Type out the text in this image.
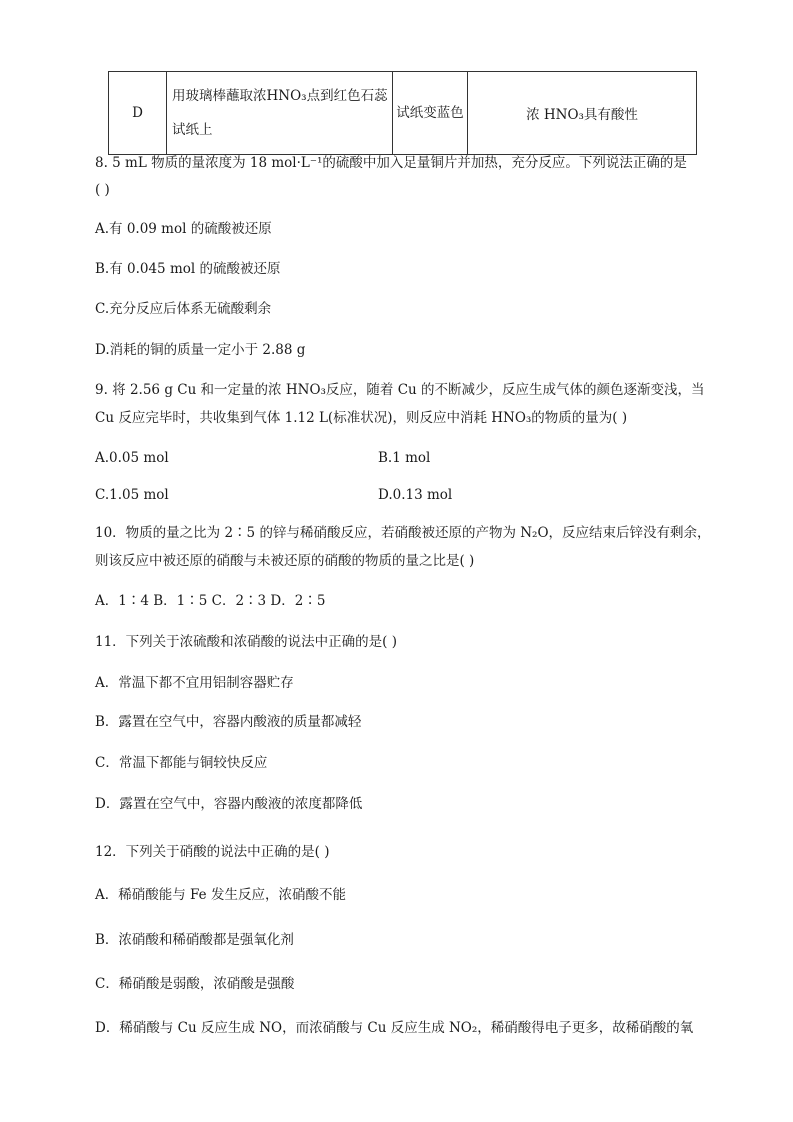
D	用玻璃棒蘸取浓HNO₃点到红色石蕊试纸上	试纸变蓝色	浓 HNO₃具有酸性
8. 5 mL 物质的量浓度为 18 mol·L⁻¹的硫酸中加入足量铜片并加热，充分反应。下列说法正确的是
( )
A.有 0.09 mol 的硫酸被还原
B.有 0.045 mol 的硫酸被还原
C.充分反应后体系无硫酸剩余
D.消耗的铜的质量一定小于 2.88 g
9. 将 2.56 g Cu 和一定量的浓 HNO₃反应，随着 Cu 的不断减少，反应生成气体的颜色逐渐变浅，当
Cu 反应完毕时，共收集到气体 1.12 L(标准状况)，则反应中消耗 HNO₃的物质的量为( )
A.0.05 mol	B.1 mol
C.1.05 mol	D.0.13 mol
10．物质的量之比为 2∶5 的锌与稀硝酸反应，若硝酸被还原的产物为 N₂O，反应结束后锌没有剩余，
则该反应中被还原的硝酸与未被还原的硝酸的物质的量之比是( )
A．1∶4 B．1∶5 C．2∶3 D．2∶5
11．下列关于浓硫酸和浓硝酸的说法中正确的是( )
A．常温下都不宜用铝制容器贮存
B．露置在空气中，容器内酸液的质量都减轻
C．常温下都能与铜较快反应
D．露置在空气中，容器内酸液的浓度都降低
12．下列关于硝酸的说法中正确的是( )
A．稀硝酸能与 Fe 发生反应，浓硝酸不能
B．浓硝酸和稀硝酸都是强氧化剂
C．稀硝酸是弱酸，浓硝酸是强酸
D．稀硝酸与 Cu 反应生成 NO，而浓硝酸与 Cu 反应生成 NO₂，稀硝酸得电子更多，故稀硝酸的氧
